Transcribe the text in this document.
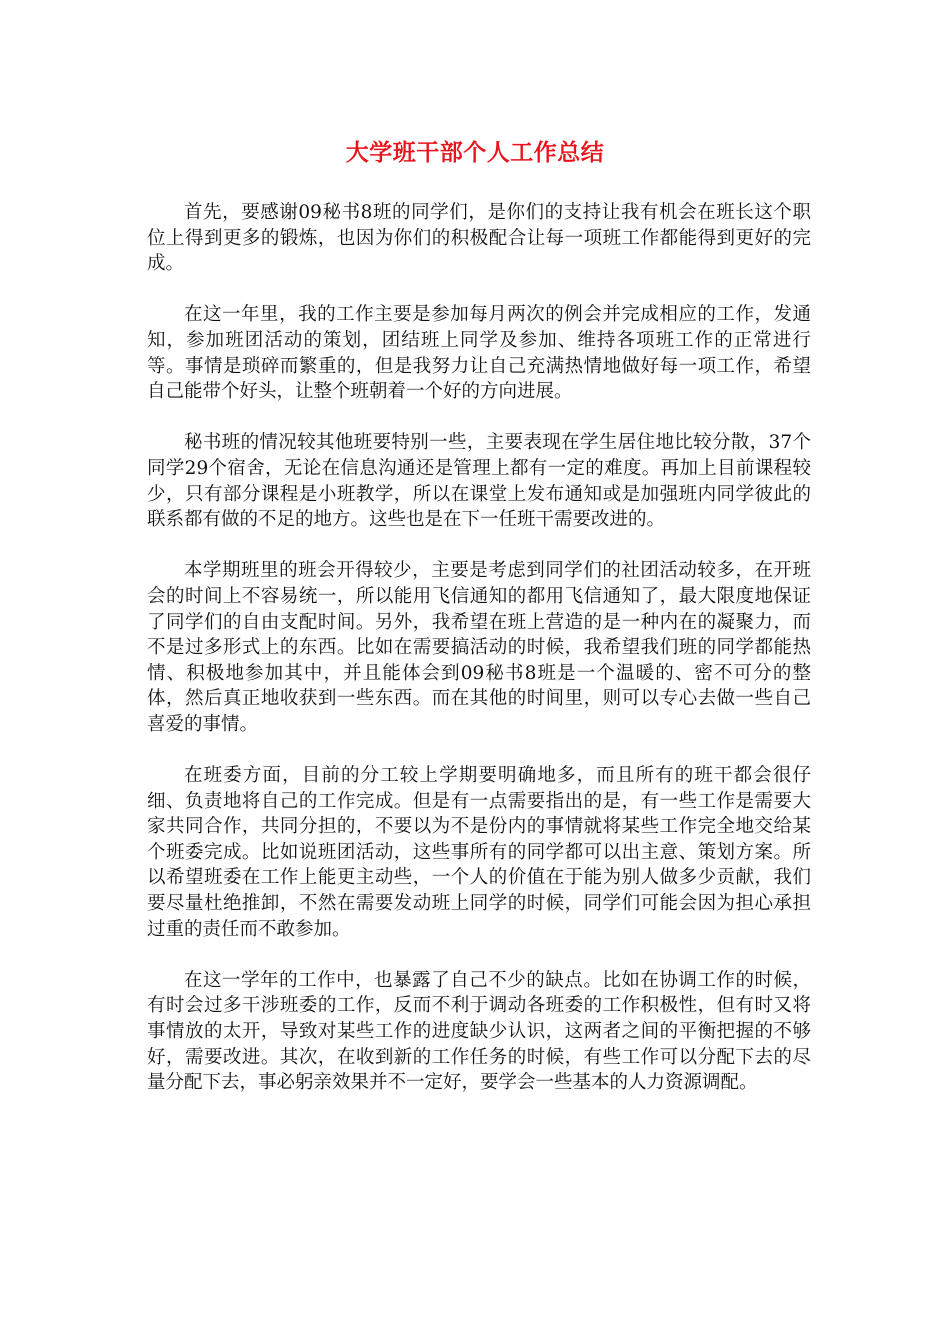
大学班干部个人工作总结

首先，要感谢09秘书8班的同学们，是你们的支持让我有机会在班长这个职位上得到更多的锻炼，也因为你们的积极配合让每一项班工作都能得到更好的完成。

在这一年里，我的工作主要是参加每月两次的例会并完成相应的工作，发通知，参加班团活动的策划，团结班上同学及参加、维持各项班工作的正常进行等。事情是琐碎而繁重的，但是我努力让自己充满热情地做好每一项工作，希望自己能带个好头，让整个班朝着一个好的方向进展。

秘书班的情况较其他班要特别一些，主要表现在学生居住地比较分散，37个同学29个宿舍，无论在信息沟通还是管理上都有一定的难度。再加上目前课程较少，只有部分课程是小班教学，所以在课堂上发布通知或是加强班内同学彼此的联系都有做的不足的地方。这些也是在下一任班干需要改进的。

本学期班里的班会开得较少，主要是考虑到同学们的社团活动较多，在开班会的时间上不容易统一，所以能用飞信通知的都用飞信通知了，最大限度地保证了同学们的自由支配时间。另外，我希望在班上营造的是一种内在的凝聚力，而不是过多形式上的东西。比如在需要搞活动的时候，我希望我们班的同学都能热情、积极地参加其中，并且能体会到09秘书8班是一个温暖的、密不可分的整体，然后真正地收获到一些东西。而在其他的时间里，则可以专心去做一些自己喜爱的事情。

在班委方面，目前的分工较上学期要明确地多，而且所有的班干都会很仔细、负责地将自己的工作完成。但是有一点需要指出的是，有一些工作是需要大家共同合作，共同分担的，不要以为不是份内的事情就将某些工作完全地交给某个班委完成。比如说班团活动，这些事所有的同学都可以出主意、策划方案。所以希望班委在工作上能更主动些，一个人的价值在于能为别人做多少贡献，我们要尽量杜绝推卸，不然在需要发动班上同学的时候，同学们可能会因为担心承担过重的责任而不敢参加。

在这一学年的工作中，也暴露了自己不少的缺点。比如在协调工作的时候，有时会过多干涉班委的工作，反而不利于调动各班委的工作积极性，但有时又将事情放的太开，导致对某些工作的进度缺少认识，这两者之间的平衡把握的不够好，需要改进。其次，在收到新的工作任务的时候，有些工作可以分配下去的尽量分配下去，事必躬亲效果并不一定好，要学会一些基本的人力资源调配。
